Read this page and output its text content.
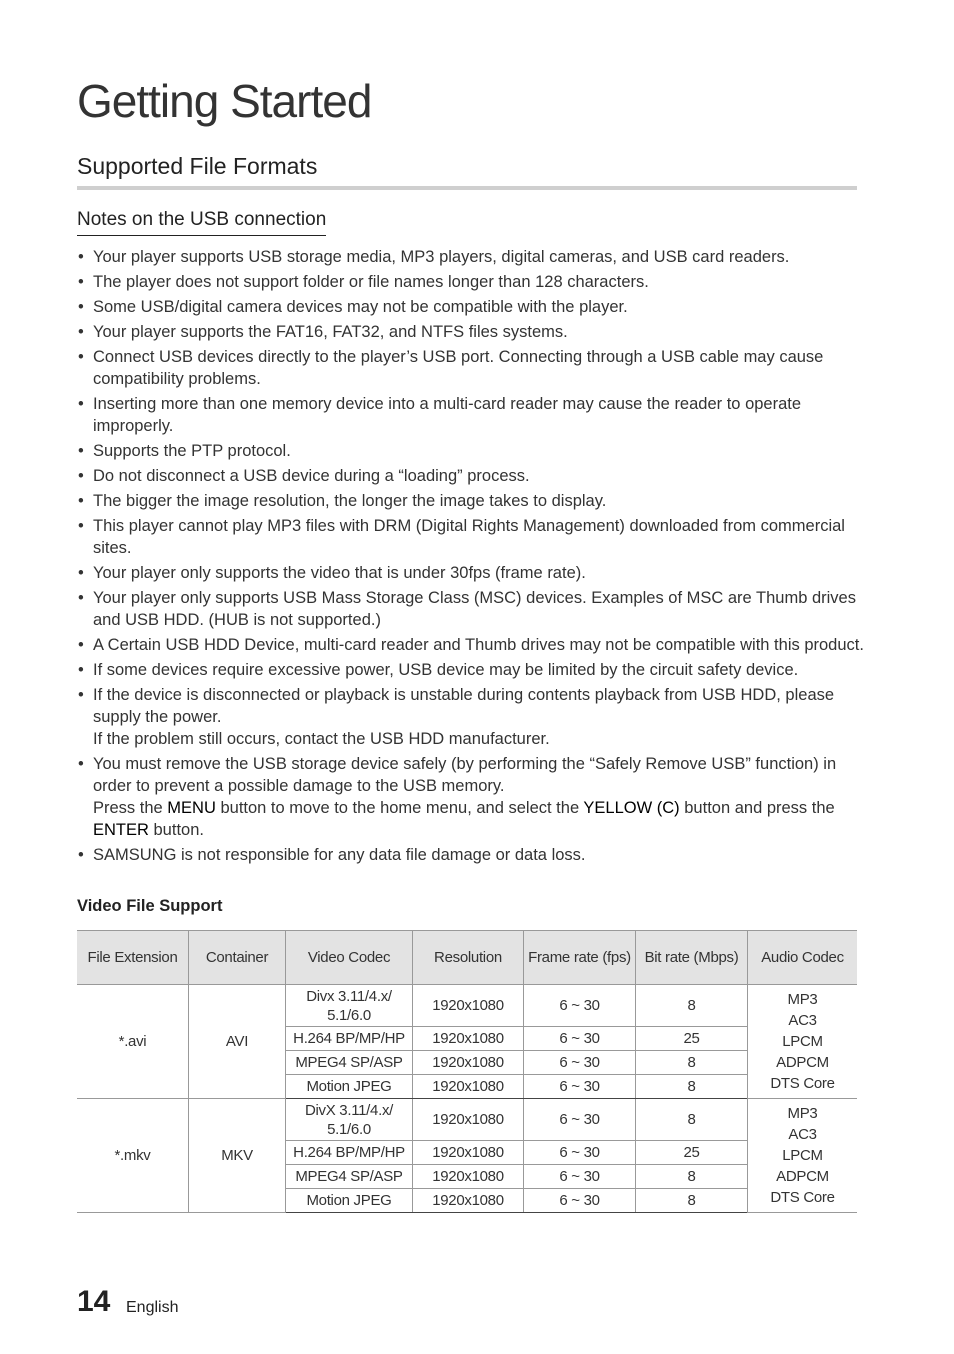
Getting Started
Supported File Formats
Notes on the USB connection
• Your player supports USB storage media, MP3 players, digital cameras, and USB card readers.
• The player does not support folder or file names longer than 128 characters.
• Some USB/digital camera devices may not be compatible with the player.
• Your player supports the FAT16, FAT32, and NTFS files systems.
• Connect USB devices directly to the player’s USB port. Connecting through a USB cable may cause compatibility problems.
• Inserting more than one memory device into a multi-card reader may cause the reader to operate improperly.
• Supports the PTP protocol.
• Do not disconnect a USB device during a “loading” process.
• The bigger the image resolution, the longer the image takes to display.
• This player cannot play MP3 files with DRM (Digital Rights Management) downloaded from commercial sites.
• Your player only supports the video that is under 30fps (frame rate).
• Your player only supports USB Mass Storage Class (MSC) devices. Examples of MSC are Thumb drives and USB HDD. (HUB is not supported.)
• A Certain USB HDD Device, multi-card reader and Thumb drives may not be compatible with this product.
• If some devices require excessive power, USB device may be limited by the circuit safety device.
• If the device is disconnected or playback is unstable during contents playback from USB HDD, please supply the power.
If the problem still occurs, contact the USB HDD manufacturer.
• You must remove the USB storage device safely (by performing the “Safely Remove USB” function) in order to prevent a possible damage to the USB memory.
Press the MENU button to move to the home menu, and select the YELLOW (C) button and press the ENTER button.
• SAMSUNG is not responsible for any data file damage or data loss.
Video File Support
File Extension	Container	Video Codec	Resolution	Frame rate (fps)	Bit rate (Mbps)	Audio Codec
*.avi	AVI	Divx 3.11/4.x/ 5.1/6.0	1920x1080	6 ~ 30	8	MP3
AC3
LPCM
ADPCM
DTS Core

		H.264 BP/MP/HP	1920x1080	6 ~ 30	25	
		MPEG4 SP/ASP	1920x1080	6 ~ 30	8	
		Motion JPEG	1920x1080	6 ~ 30	8	
*.mkv	MKV	DivX 3.11/4.x/ 5.1/6.0	1920x1080	6 ~ 30	8	MP3
AC3
LPCM
ADPCM
DTS Core

		H.264 BP/MP/HP	1920x1080	6 ~ 30	25	
		MPEG4 SP/ASP	1920x1080	6 ~ 30	8	
		Motion JPEG	1920x1080	6 ~ 30	8	
14 English
